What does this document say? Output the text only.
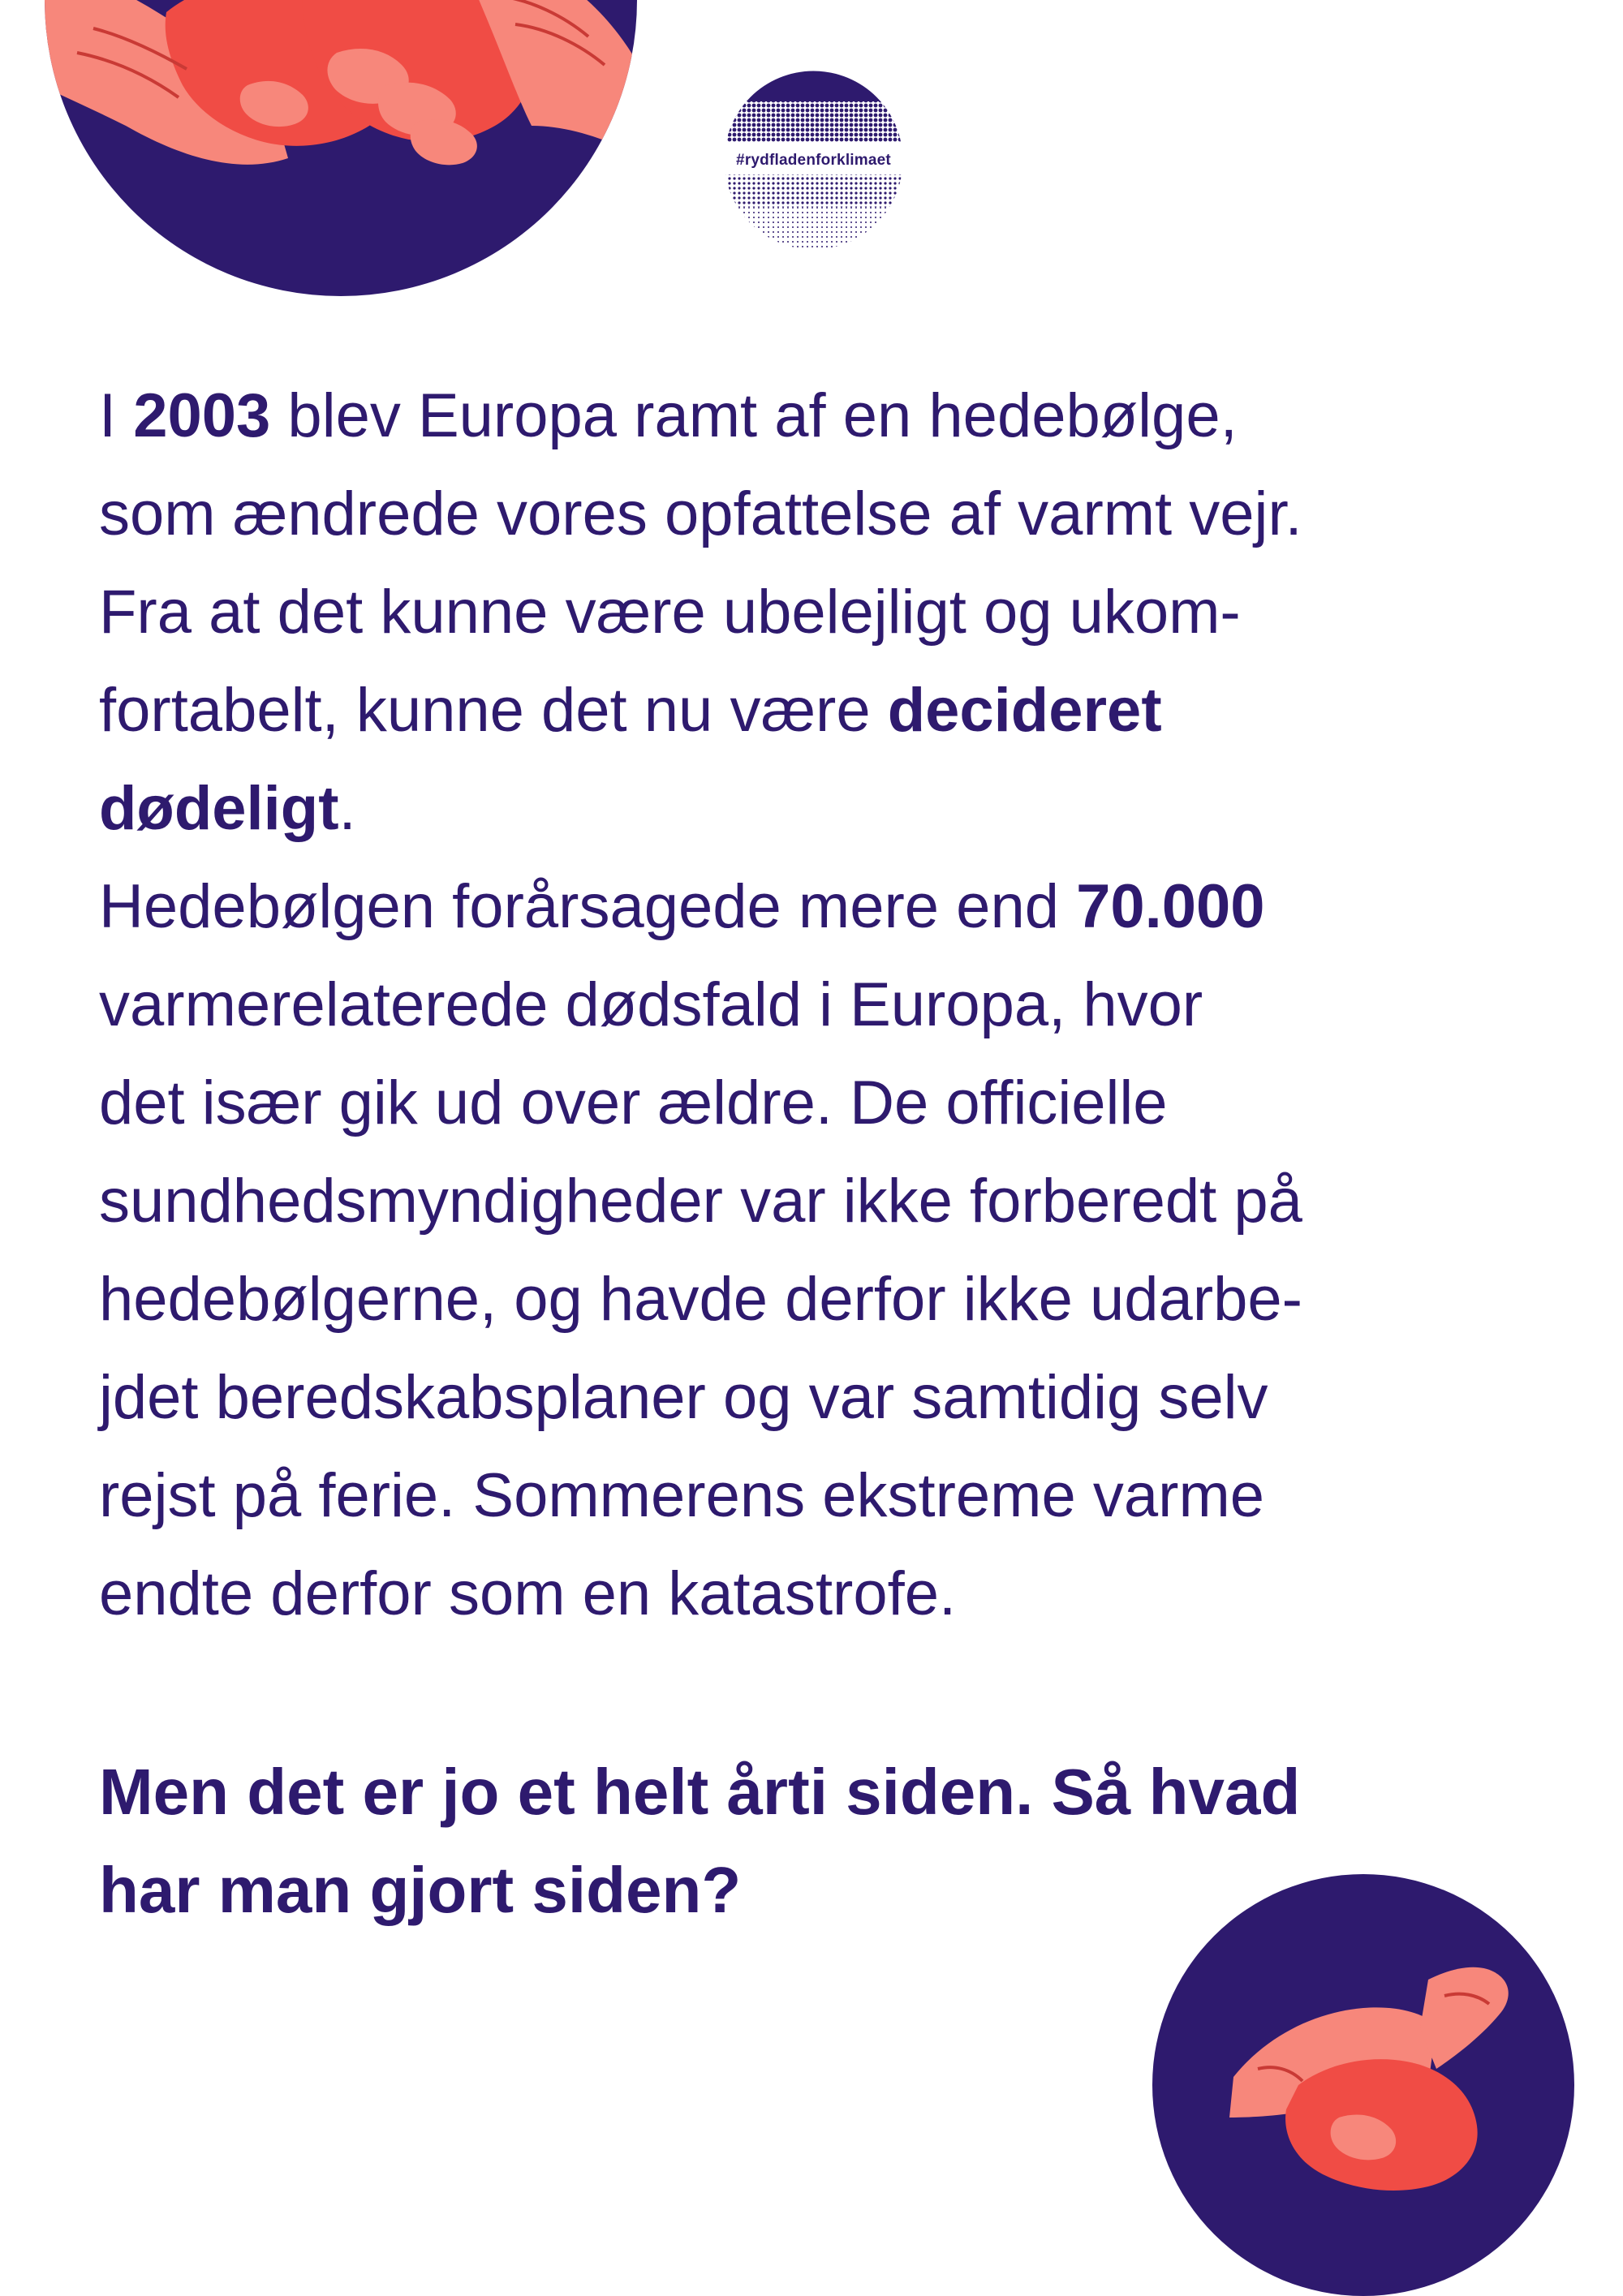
#rydfladenforklimaet

I 2003 blev Europa ramt af en hedebølge,
som ændrede vores opfattelse af varmt vejr.
Fra at det kunne være ubelejligt og ukom-
fortabelt, kunne det nu være decideret
dødeligt.
Hedebølgen forårsagede mere end 70.000
varmerelaterede dødsfald i Europa, hvor
det især gik ud over ældre. De officielle
sundhedsmyndigheder var ikke forberedt på
hedebølgerne, og havde derfor ikke udarbe-
jdet beredskabsplaner og var samtidig selv
rejst på ferie. Sommerens ekstreme varme
endte derfor som en katastrofe.

Men det er jo et helt årti siden. Så hvad
har man gjort siden?
